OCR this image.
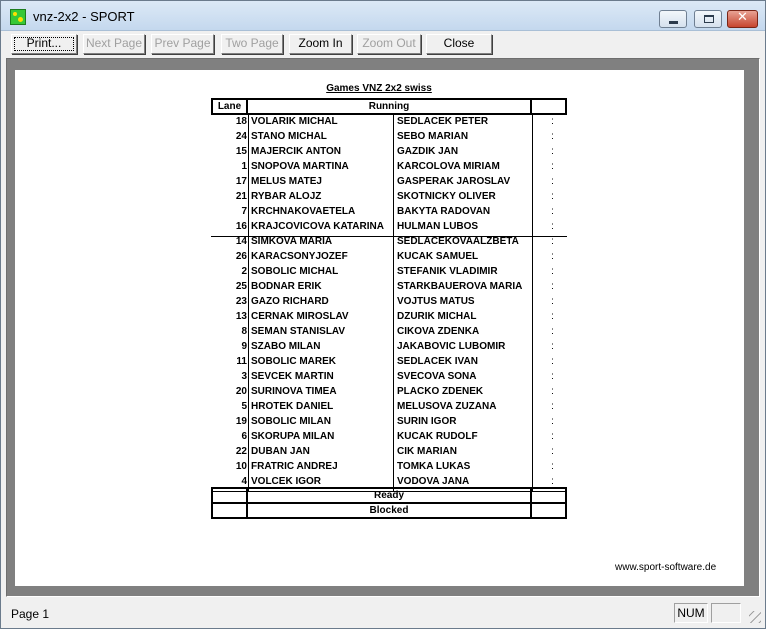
vnz-2x2 - SPORT	✕
Print...	Next Page Prev Page	Two Page	Zoom In	Zoom Out	Close
Games VNZ 2x2 swiss
Lane	Running
18 VOLARIK MICHAL	SEDLACEK PETER	:
24 STANO MICHAL	SEBO MARIAN	:
15 MAJERCIK ANTON	GAZDIK JAN	:
1 SNOPOVA MARTINA	KARCOLOVA MIRIAM	:
17 MELUS MATEJ	GASPERAK JAROSLAV	:
21 RYBAR ALOJZ	SKOTNICKY OLIVER	:
7 KRCHNAKOVAETELA	BAKYTA RADOVAN	:
16 KRAJCOVICOVA KATARINA	HULMAN LUBOS	:
14 SIMKOVA MARIA	SEDLACEKOVAALZBETA	:
26 KARACSONYJOZEF	KUCAK SAMUEL	:
2 SOBOLIC MICHAL	STEFANIK VLADIMIR	:
25 BODNAR ERIK	STARKBAUEROVA MARIA	:
23 GAZO RICHARD	VOJTUS MATUS	:
13 CERNAK MIROSLAV	DZURIK MICHAL	:
8 SEMAN STANISLAV	CIKOVA ZDENKA	:
9 SZABO MILAN	JAKABOVIC LUBOMIR	:
11 SOBOLIC MAREK	SEDLACEK IVAN	:
3 SEVCEK MARTIN	SVECOVA SONA	:
20 SURINOVA TIMEA	PLACKO ZDENEK	:
5 HROTEK DANIEL	MELUSOVA ZUZANA	:
19 SOBOLIC MILAN	SURIN IGOR	:
6 SKORUPA MILAN	KUCAK RUDOLF	:
22 DUBAN JAN	CIK MARIAN	:
10 FRATRIC ANDREJ	TOMKA LUKAS	:
4 VOLCEK IGOR	VODOVA JANA	:
Ready
Blocked
www.sport-software.de
Page 1	NUM
